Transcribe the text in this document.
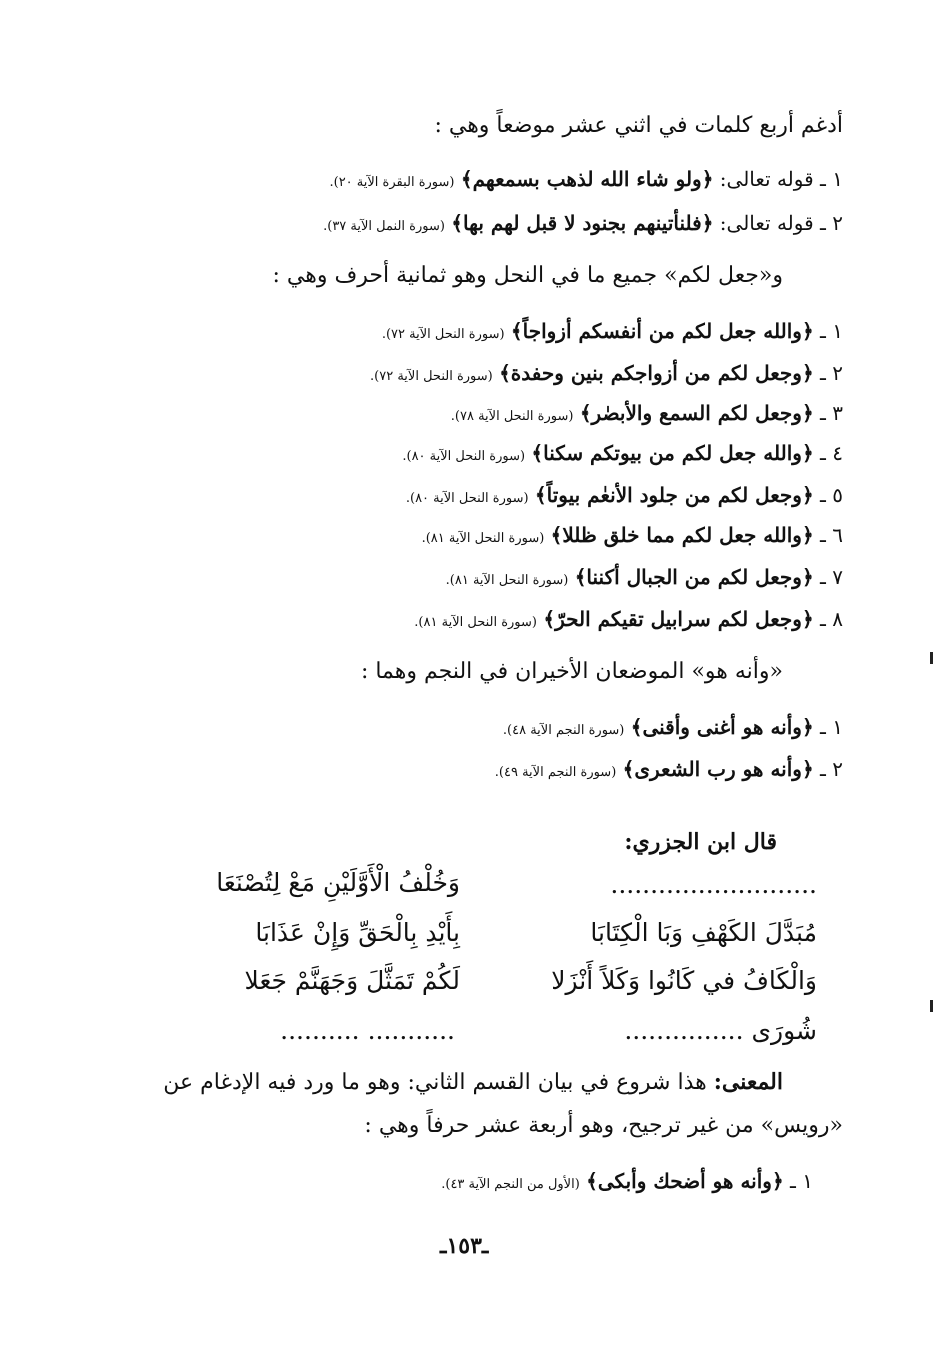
أدغم أربع كلمات في اثني عشر موضعاً وهي :
١ ـ قوله تعالى: ﴿ولو شاء الله لذهب بسمعهم﴾ (سورة البقرة الآية ٢٠).
٢ ـ قوله تعالى: ﴿فلنأتينهم بجنود لا قبل لهم بها﴾ (سورة النمل الآية ٣٧).
و«جعل لكم» جميع ما في النحل وهو ثمانية أحرف وهي :
١ ـ ﴿والله جعل لكم من أنفسكم أزواجاً﴾ (سورة النحل الآية ٧٢).
٢ ـ ﴿وجعل لكم من أزواجكم بنين وحفدة﴾ (سورة النحل الآية ٧٢).
٣ ـ ﴿وجعل لكم السمع والأبصٰر﴾ (سورة النحل الآية ٧٨).
٤ ـ ﴿والله جعل لكم من بيوتكم سكنا﴾ (سورة النحل الآية ٨٠).
٥ ـ ﴿وجعل لكم من جلود الأنعٰم بيوتاً﴾ (سورة النحل الآية ٨٠).
٦ ـ ﴿والله جعل لكم مما خلق ظللا﴾ (سورة النحل الآية ٨١).
٧ ـ ﴿وجعل لكم من الجبال أكننا﴾ (سورة النحل الآية ٨١).
٨ ـ ﴿وجعل لكم سرابيل تقيكم الحرّ﴾ (سورة النحل الآية ٨١).
«وأنه هو» الموضعان الأخيران في النجم وهما :
١ ـ ﴿وأنه هو أغنى وأقنى﴾ (سورة النجم الآية ٤٨).
٢ ـ ﴿وأنه هو رب الشعرى﴾ (سورة النجم الآية ٤٩).
قال ابن الجزري:
..........................
وَخُلْفُ الْأَوَّلَيْنِ مَعْ لِتُصْنَعَا
مُبَدَّلَ الكَهْفِ وَبَا الْكِتَابَا
بِأَيْدِ بِالْحَقِّ وَإِنْ عَذَابَا
وَالْكَافُ في كَانُوا وَكَلاً أَنْزَلا
لَكُمْ تَمَثَّلَ وَجَهَنَّمْ جَعَلا
شُورَى ...............
........... ..........
المعنى: هذا شروع في بيان القسم الثاني: وهو ما ورد فيه الإدغام عن
«رويس» من غير ترجيح، وهو أربعة عشر حرفاً وهي :
١ ـ ﴿وأنه هو أضحك وأبكى﴾ (الأول من النجم الآية ٤٣).
ـ١٥٣ـ
